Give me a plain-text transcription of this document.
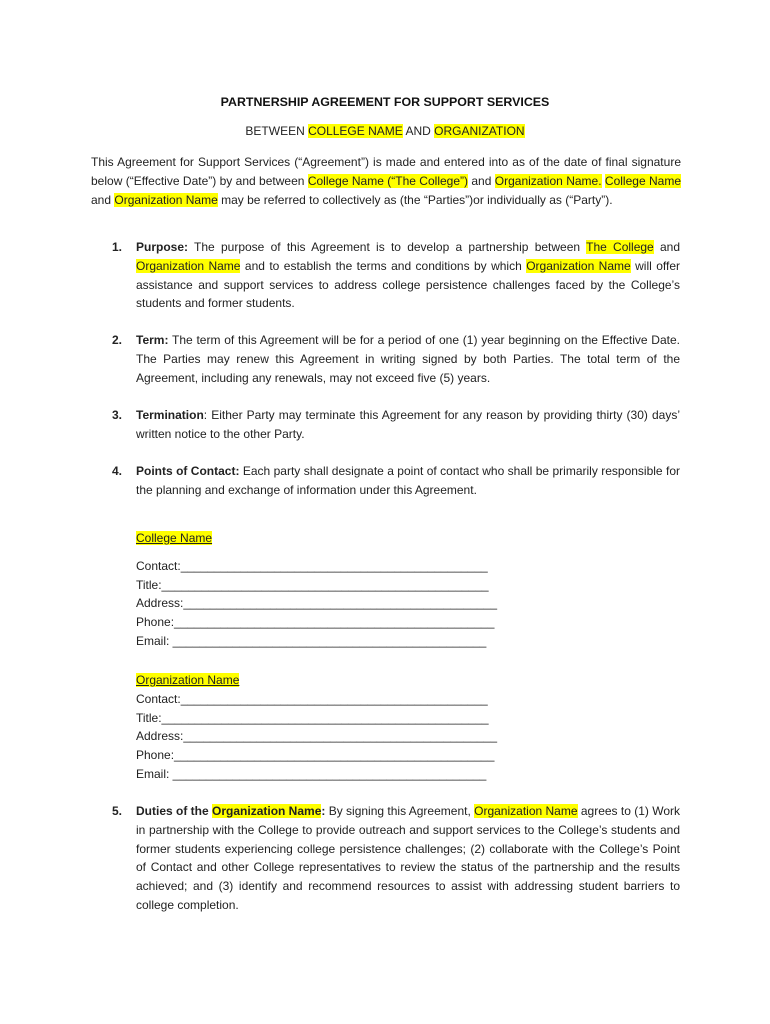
PARTNERSHIP AGREEMENT FOR SUPPORT SERVICES
BETWEEN COLLEGE NAME AND ORGANIZATION
This Agreement for Support Services (“Agreement”) is made and entered into as of the date of final signature below (“Effective Date”) by and between College Name (“The College”) and Organization Name. College Name and Organization Name may be referred to collectively as (the “Parties”)or individually as (“Party”).
1. Purpose: The purpose of this Agreement is to develop a partnership between The College and Organization Name and to establish the terms and conditions by which Organization Name will offer assistance and support services to address college persistence challenges faced by the College’s students and former students.
2. Term: The term of this Agreement will be for a period of one (1) year beginning on the Effective Date. The Parties may renew this Agreement in writing signed by both Parties. The total term of the Agreement, including any renewals, may not exceed five (5) years.
3. Termination: Either Party may terminate this Agreement for any reason by providing thirty (30) days’ written notice to the other Party.
4. Points of Contact: Each party shall designate a point of contact who shall be primarily responsible for the planning and exchange of information under this Agreement.
College Name
Contact:______________________________________________
Title:_________________________________________________
Address:_______________________________________________
Phone:________________________________________________
Email: _______________________________________________
Organization Name
Contact:______________________________________________
Title:_________________________________________________
Address:_______________________________________________
Phone:________________________________________________
Email: _______________________________________________
5. Duties of the Organization Name: By signing this Agreement, Organization Name agrees to (1) Work in partnership with the College to provide outreach and support services to the College’s students and former students experiencing college persistence challenges; (2) collaborate with the College’s Point of Contact and other College representatives to review the status of the partnership and the results achieved; and (3) identify and recommend resources to assist with addressing student barriers to college completion.
